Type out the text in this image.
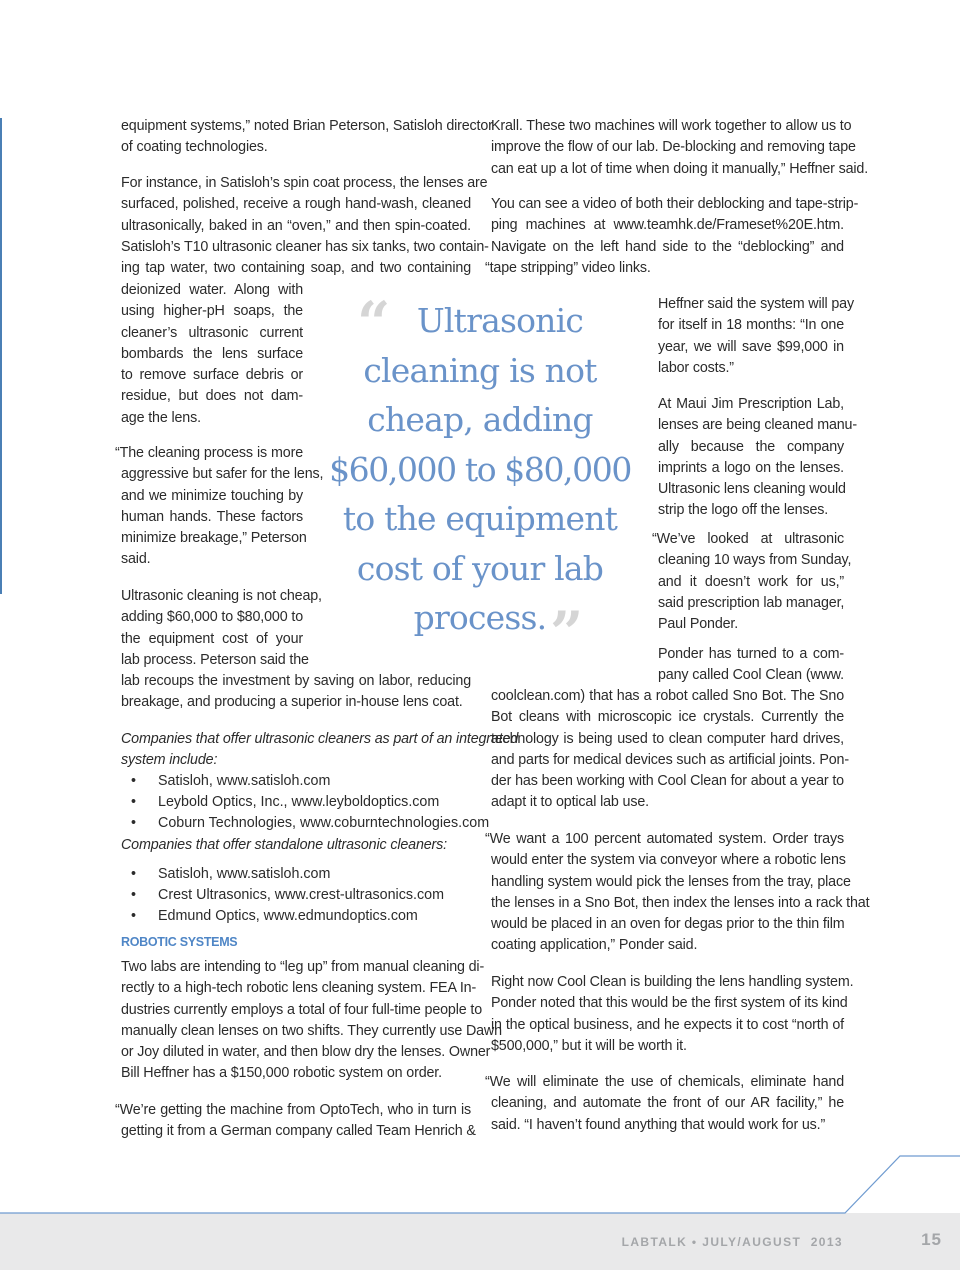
equipment systems,” noted Brian Peterson, Satisloh director
of coating technologies.
For instance, in Satisloh’s spin coat process, the lenses are
surfaced, polished, receive a rough hand-wash, cleaned
ultrasonically, baked in an “oven,” and then spin-coated.
Satisloh’s T10 ultrasonic cleaner has six tanks, two contain-
ing tap water, two containing soap, and two containing
deionized water. Along with
using higher-pH soaps, the
cleaner’s ultrasonic current
bombards the lens surface
to remove surface debris or
residue, but does not dam-
age the lens.
“The cleaning process is more
aggressive but safer for the lens,
and we minimize touching by
human hands. These factors
minimize breakage,” Peterson
said.
Ultrasonic cleaning is not cheap,
adding $60,000 to $80,000 to
the equipment cost of your
lab process. Peterson said the
lab recoups the investment by saving on labor, reducing
breakage, and producing a superior in-house lens coat.
Companies that offer ultrasonic cleaners as part of an integrated
system include:
• Satisloh, www.satisloh.com
• Leybold Optics, Inc., www.leyboldoptics.com
• Coburn Technologies, www.coburntechnologies.com
Companies that offer standalone ultrasonic cleaners:
• Satisloh, www.satisloh.com
• Crest Ultrasonics, www.crest-ultrasonics.com
• Edmund Optics, www.edmundoptics.com
ROBOTIC SYSTEMS
Two labs are intending to “leg up” from manual cleaning di-
rectly to a high-tech robotic lens cleaning system. FEA In-
dustries currently employs a total of four full-time people to
manually clean lenses on two shifts. They currently use Dawn
or Joy diluted in water, and then blow dry the lenses. Owner
Bill Heffner has a $150,000 robotic system on order.
“We’re getting the machine from OptoTech, who in turn is
getting it from a German company called Team Henrich &
“ Ultrasonic
cleaning is not
cheap, adding
$60,000 to $80,000
to the equipment
cost of your lab
process. ”
Krall. These two machines will work together to allow us to
improve the flow of our lab. De-blocking and removing tape
can eat up a lot of time when doing it manually,” Heffner said.
You can see a video of both their deblocking and tape-strip-
ping machines at www.teamhk.de/Frameset%20E.htm.
Navigate on the left hand side to the “deblocking” and
“tape stripping” video links.
Heffner said the system will pay
for itself in 18 months: “In one
year, we will save $99,000 in
labor costs.”
At Maui Jim Prescription Lab,
lenses are being cleaned manu-
ally because the company
imprints a logo on the lenses.
Ultrasonic lens cleaning would
strip the logo off the lenses.
“We’ve looked at ultrasonic
cleaning 10 ways from Sunday,
and it doesn’t work for us,”
said prescription lab manager,
Paul Ponder.
Ponder has turned to a com-
pany called Cool Clean (www.
coolclean.com) that has a robot called Sno Bot. The Sno
Bot cleans with microscopic ice crystals. Currently the
technology is being used to clean computer hard drives,
and parts for medical devices such as artificial joints. Pon-
der has been working with Cool Clean for about a year to
adapt it to optical lab use.
“We want a 100 percent automated system. Order trays
would enter the system via conveyor where a robotic lens
handling system would pick the lenses from the tray, place
the lenses in a Sno Bot, then index the lenses into a rack that
would be placed in an oven for degas prior to the thin film
coating application,” Ponder said.
Right now Cool Clean is building the lens handling system.
Ponder noted that this would be the first system of its kind
in the optical business, and he expects it to cost “north of
$500,000,” but it will be worth it.
“We will eliminate the use of chemicals, eliminate hand
cleaning, and automate the front of our AR facility,” he
said. “I haven’t found anything that would work for us.”
LABTALK • JULY/AUGUST  2013	15
